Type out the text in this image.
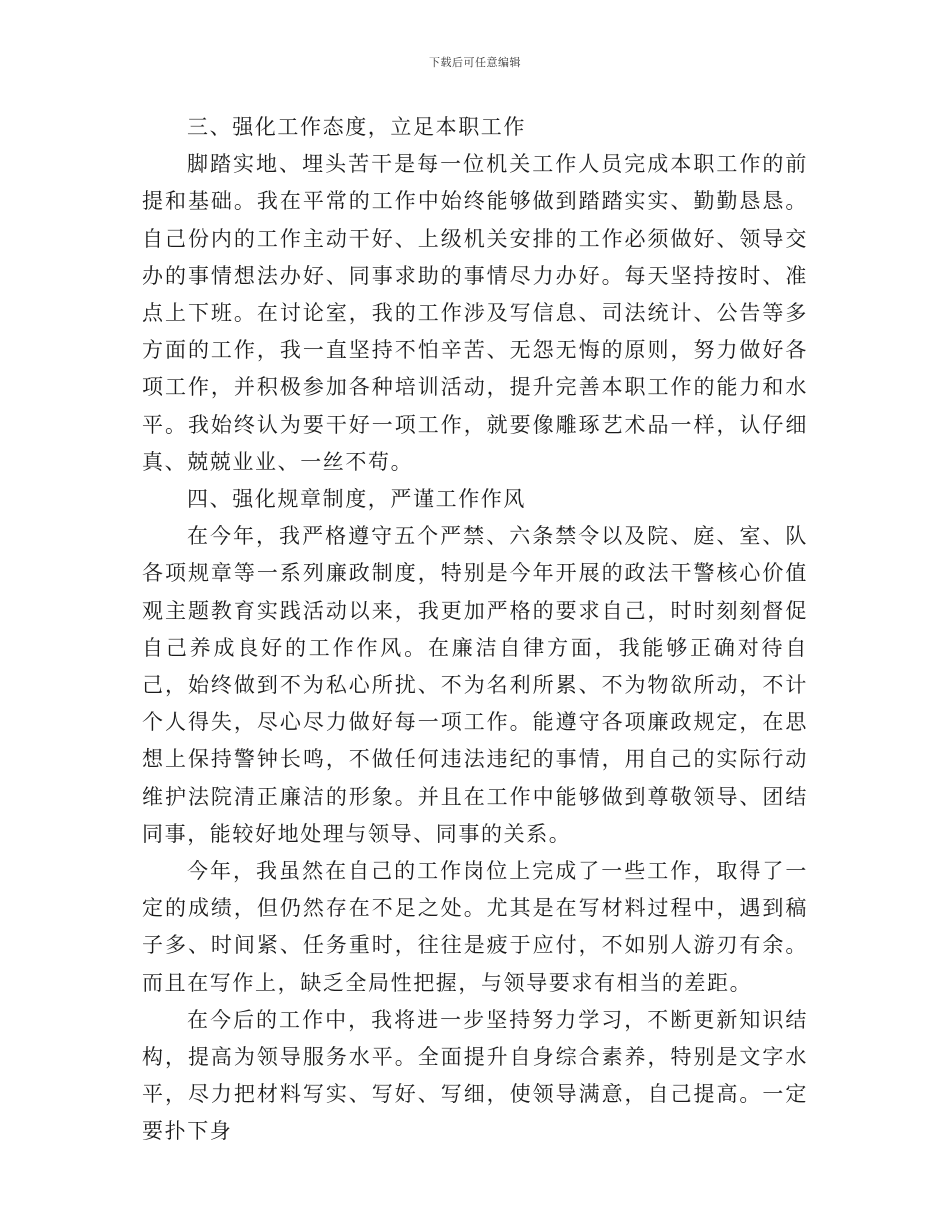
下载后可任意编辑

三、强化工作态度，立足本职工作

脚踏实地、埋头苦干是每一位机关工作人员完成本职工作的前提和基础。我在平常的工作中始终能够做到踏踏实实、勤勤恳恳。自己份内的工作主动干好、上级机关安排的工作必须做好、领导交办的事情想法办好、同事求助的事情尽力办好。每天坚持按时、准点上下班。在讨论室，我的工作涉及写信息、司法统计、公告等多方面的工作，我一直坚持不怕辛苦、无怨无悔的原则，努力做好各项工作，并积极参加各种培训活动，提升完善本职工作的能力和水平。我始终认为要干好一项工作，就要像雕琢艺术品一样，认仔细真、兢兢业业、一丝不苟。

四、强化规章制度，严谨工作作风

在今年，我严格遵守五个严禁、六条禁令以及院、庭、室、队各项规章等一系列廉政制度，特别是今年开展的政法干警核心价值观主题教育实践活动以来，我更加严格的要求自己，时时刻刻督促自己养成良好的工作作风。在廉洁自律方面，我能够正确对待自己，始终做到不为私心所扰、不为名利所累、不为物欲所动，不计个人得失，尽心尽力做好每一项工作。能遵守各项廉政规定，在思想上保持警钟长鸣，不做任何违法违纪的事情，用自己的实际行动维护法院清正廉洁的形象。并且在工作中能够做到尊敬领导、团结同事，能较好地处理与领导、同事的关系。

今年，我虽然在自己的工作岗位上完成了一些工作，取得了一定的成绩，但仍然存在不足之处。尤其是在写材料过程中，遇到稿子多、时间紧、任务重时，往往是疲于应付，不如别人游刃有余。而且在写作上，缺乏全局性把握，与领导要求有相当的差距。

在今后的工作中，我将进一步坚持努力学习，不断更新知识结构，提高为领导服务水平。全面提升自身综合素养，特别是文字水平，尽力把材料写实、写好、写细，使领导满意，自己提高。一定要扑下身
